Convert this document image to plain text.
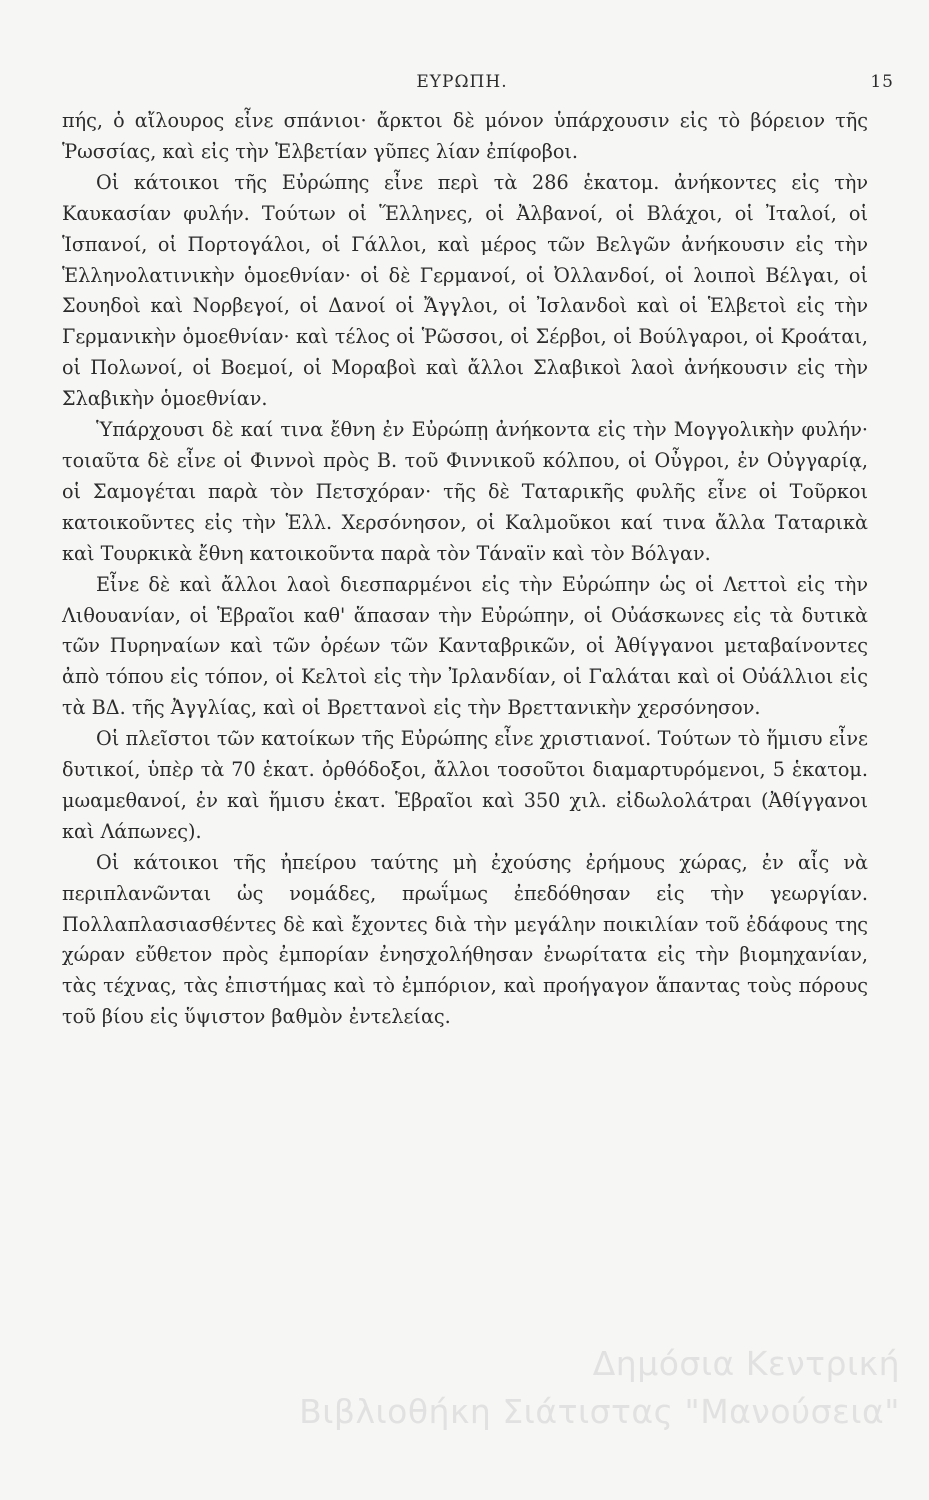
ΕΥΡΩΠΗ.	15

πής, ὁ αἴλουρος εἶνε σπάνιοι· ἄρκτοι δὲ μόνον ὑπάρχουσιν εἰς τὸ βόρειον τῆς Ῥωσσίας, καὶ εἰς τὴν Ἑλβετίαν γῦπες λίαν ἐπίφοβοι.

Οἱ κάτοικοι τῆς Εὐρώπης εἶνε περὶ τὰ 286 ἑκατομ. ἀνήκοντες εἰς τὴν Καυκασίαν φυλήν. Τούτων οἱ Ἕλληνες, οἱ Ἀλβανοί, οἱ Βλάχοι, οἱ Ἰταλοί, οἱ Ἱσπανοί, οἱ Πορτογάλοι, οἱ Γάλλοι, καὶ μέρος τῶν Βελγῶν ἀνήκουσιν εἰς τὴν Ἑλληνολατινικὴν ὁμοεθνίαν· οἱ δὲ Γερμανοί, οἱ Ὀλλανδοί, οἱ λοιποὶ Βέλγαι, οἱ Σουηδοὶ καὶ Νορβεγοί, οἱ Δανοί οἱ Ἄγγλοι, οἱ Ἰσλανδοὶ καὶ οἱ Ἑλβετοὶ εἰς τὴν Γερμανικὴν ὁμοεθνίαν· καὶ τέλος οἱ Ῥῶσσοι, οἱ Σέρβοι, οἱ Βούλγαροι, οἱ Κροάται, οἱ Πολωνοί, οἱ Βοεμοί, οἱ Μοραβοὶ καὶ ἄλλοι Σλαβικοὶ λαοὶ ἀνήκουσιν εἰς τὴν Σλαβικὴν ὁμοεθνίαν.

Ὑπάρχουσι δὲ καί τινα ἔθνη ἐν Εὐρώπῃ ἀνήκοντα εἰς τὴν Μογγολικὴν φυλήν· τοιαῦτα δὲ εἶνε οἱ Φιννοὶ πρὸς Β. τοῦ Φιννικοῦ κόλπου, οἱ Οὖγροι, ἐν Οὐγγαρίᾳ, οἱ Σαμογέται παρὰ τὸν Πετσχόραν· τῆς δὲ Ταταρικῆς φυλῆς εἶνε οἱ Τοῦρκοι κατοικοῦντες εἰς τὴν Ἑλλ. Χερσόνησον, οἱ Καλμοῦκοι καί τινα ἄλλα Ταταρικὰ καὶ Τουρκικὰ ἔθνη κατοικοῦντα παρὰ τὸν Τάναϊν καὶ τὸν Βόλγαν.

Εἶνε δὲ καὶ ἄλλοι λαοὶ διεσπαρμένοι εἰς τὴν Εὐρώπην ὡς οἱ Λεττοὶ εἰς τὴν Λιθουανίαν, οἱ Ἑβραῖοι καθ' ἅπασαν τὴν Εὐρώπην, οἱ Οὐάσκωνες εἰς τὰ δυτικὰ τῶν Πυρηναίων καὶ τῶν ὀρέων τῶν Κανταβρικῶν, οἱ Ἀθίγγανοι μεταβαίνοντες ἀπὸ τόπου εἰς τόπον, οἱ Κελτοὶ εἰς τὴν Ἰρλανδίαν, οἱ Γαλάται καὶ οἱ Οὐάλλιοι εἰς τὰ ΒΔ. τῆς Ἀγγλίας, καὶ οἱ Βρεττανοὶ εἰς τὴν Βρεττανικὴν χερσόνησον.

Οἱ πλεῖστοι τῶν κατοίκων τῆς Εὐρώπης εἶνε χριστιανοί. Τούτων τὸ ἥμισυ εἶνε δυτικοί, ὑπὲρ τὰ 70 ἑκατ. ὀρθόδοξοι, ἄλλοι τοσοῦτοι διαμαρτυρόμενοι, 5 ἑκατομ. μωαμεθανοί, ἐν καὶ ἥμισυ ἑκατ. Ἑβραῖοι καὶ 350 χιλ. εἰδωλολάτραι (Ἀθίγγανοι καὶ Λάπωνες).

Οἱ κάτοικοι τῆς ἠπείρου ταύτης μὴ ἐχούσης ἐρήμους χώρας, ἐν αἷς νὰ περιπλανῶνται ὡς νομάδες, πρωΐμως ἐπεδόθησαν εἰς τὴν γεωργίαν. Πολλαπλασιασθέντες δὲ καὶ ἔχοντες διὰ τὴν μεγάλην ποικιλίαν τοῦ ἐδάφους της χώραν εὔθετον πρὸς ἐμπορίαν ἐνησχολήθησαν ἐνωρίτατα εἰς τὴν βιομηχανίαν, τὰς τέχνας, τὰς ἐπιστήμας καὶ τὸ ἐμπόριον, καὶ προήγαγον ἅπαντας τοὺς πόρους τοῦ βίου εἰς ὕψιστον βαθμὸν ἐντελείας.

Δημόσια Κεντρική
Βιβλιοθήκη Σιάτιστας "Μανούσεια"
